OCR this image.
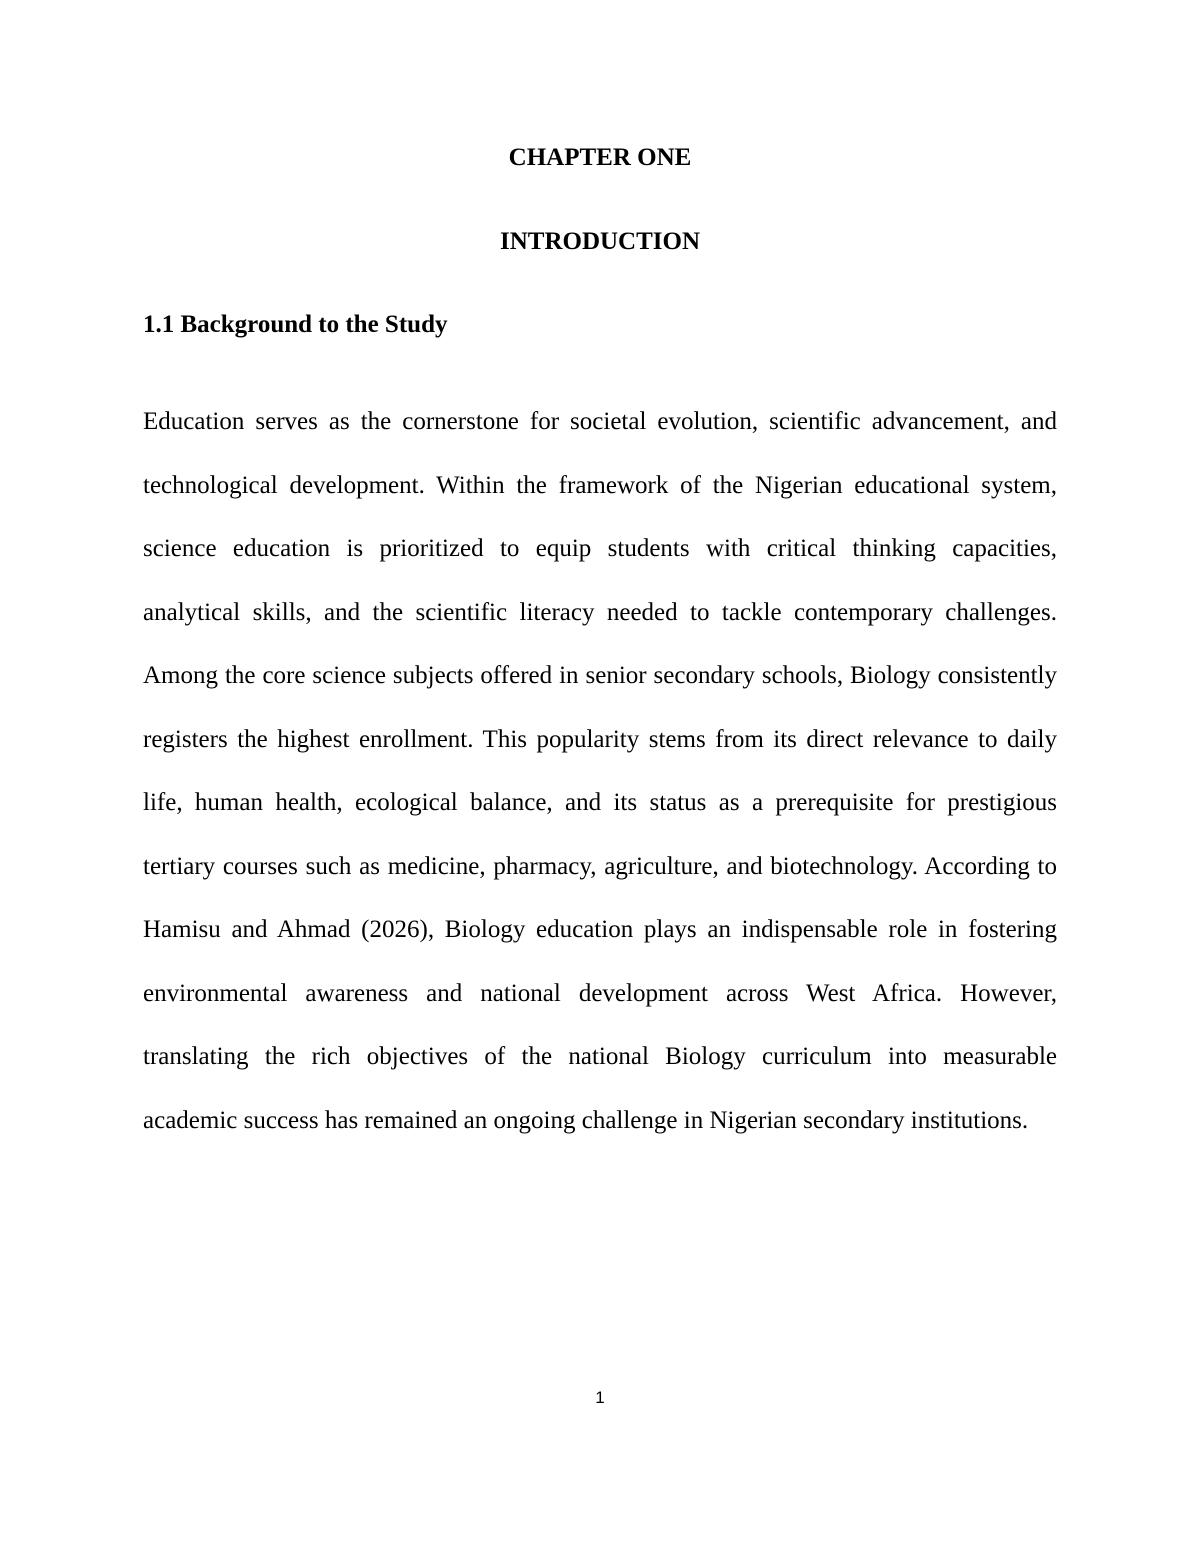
CHAPTER ONE
INTRODUCTION
1.1 Background to the Study

Education serves as the cornerstone for societal evolution, scientific advancement, and technological development. Within the framework of the Nigerian educational system, science education is prioritized to equip students with critical thinking capacities, analytical skills, and the scientific literacy needed to tackle contemporary challenges. Among the core science subjects offered in senior secondary schools, Biology consistently registers the highest enrollment. This popularity stems from its direct relevance to daily life, human health, ecological balance, and its status as a prerequisite for prestigious tertiary courses such as medicine, pharmacy, agriculture, and biotechnology. According to Hamisu and Ahmad (2026), Biology education plays an indispensable role in fostering environmental awareness and national development across West Africa. However, translating the rich objectives of the national Biology curriculum into measurable academic success has remained an ongoing challenge in Nigerian secondary institutions.

1
